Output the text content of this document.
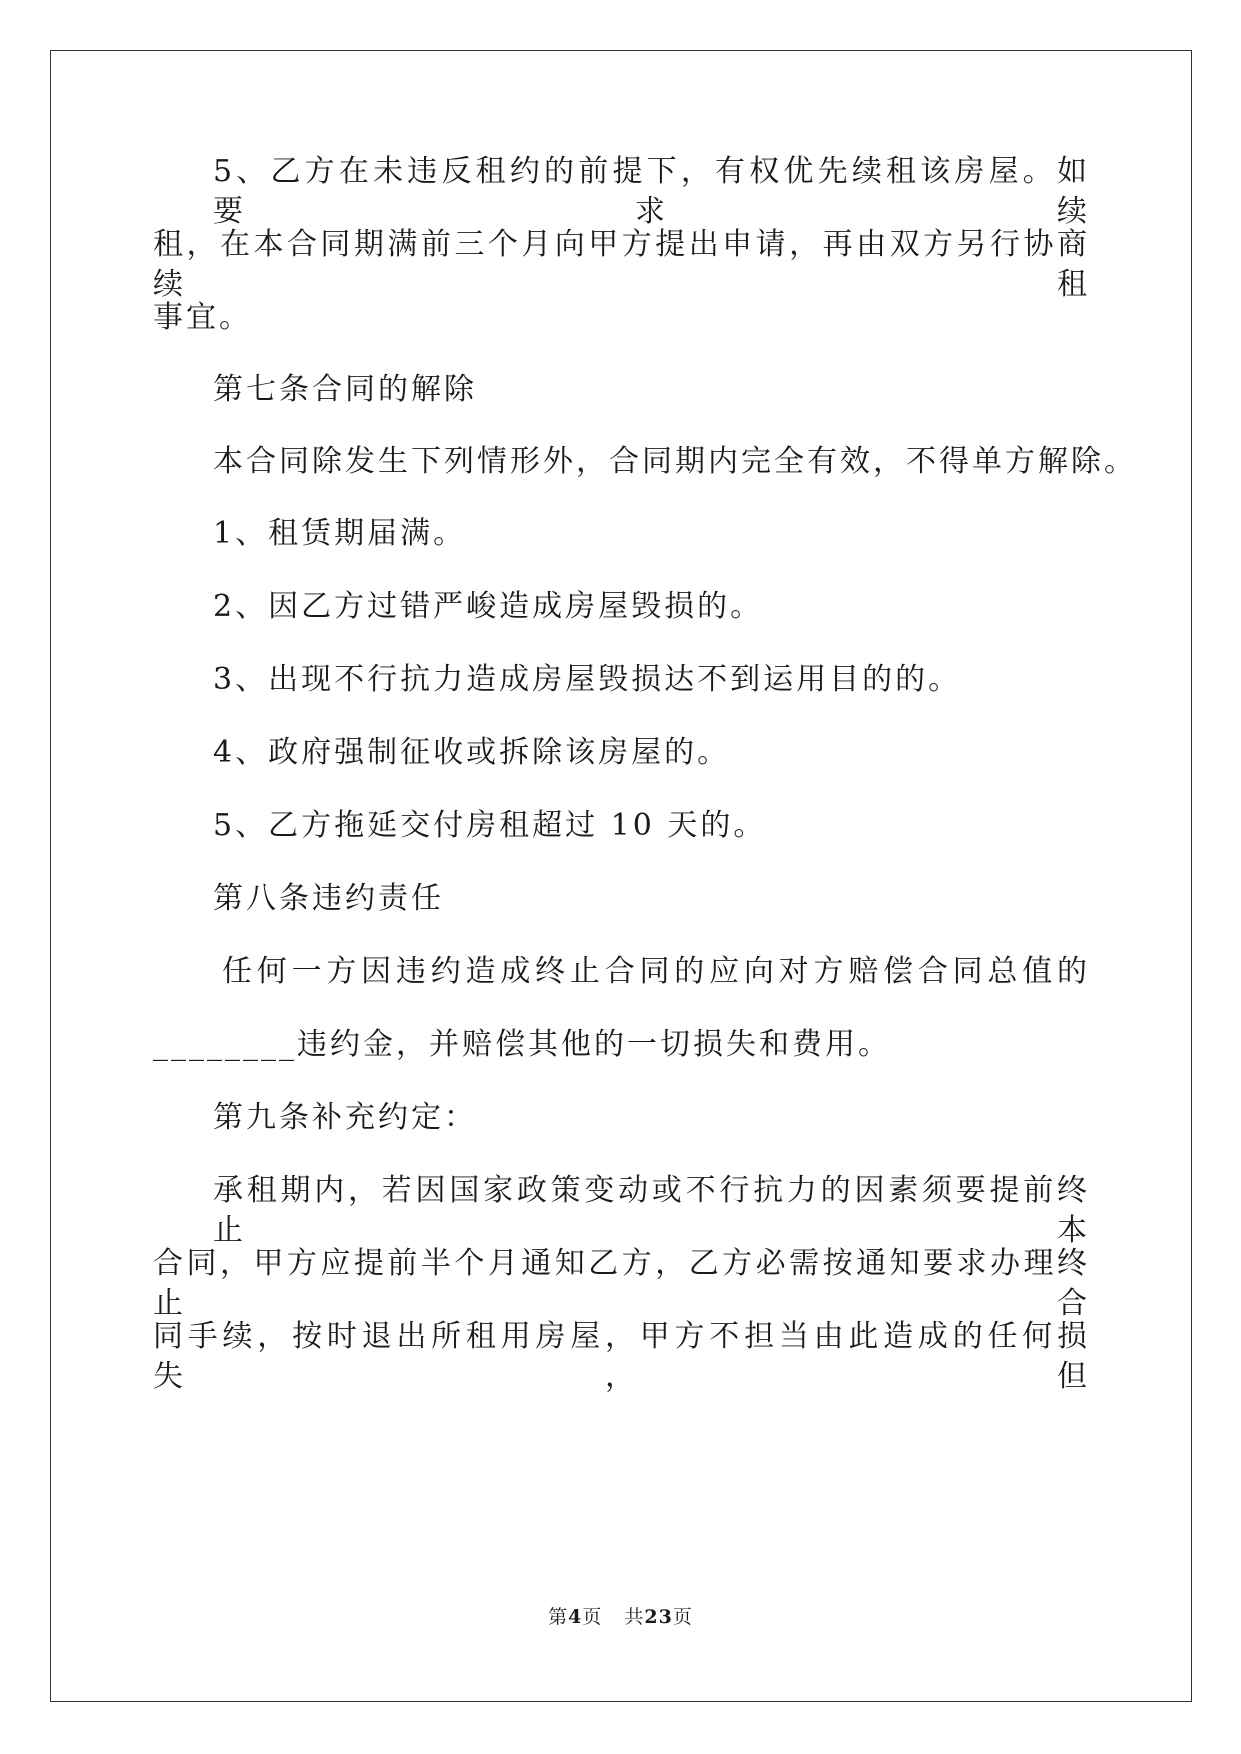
5、乙方在未违反租约的前提下，有权优先续租该房屋。如要求续

租，在本合同期满前三个月向甲方提出申请，再由双方另行协商续租

事宜。

第七条合同的解除

本合同除发生下列情形外，合同期内完全有效，不得单方解除。

1、租赁期届满。

2、因乙方过错严峻造成房屋毁损的。

3、出现不行抗力造成房屋毁损达不到运用目的的。

4、政府强制征收或拆除该房屋的。

5、乙方拖延交付房租超过 10 天的。

第八条违约责任

任何一方因违约造成终止合同的应向对方赔偿合同总值的

________违约金，并赔偿其他的一切损失和费用。

第九条补充约定：

承租期内，若因国家政策变动或不行抗力的因素须要提前终止本

合同，甲方应提前半个月通知乙方，乙方必需按通知要求办理终止合

同手续，按时退出所租用房屋，甲方不担当由此造成的任何损失，但

第4页 共23页
